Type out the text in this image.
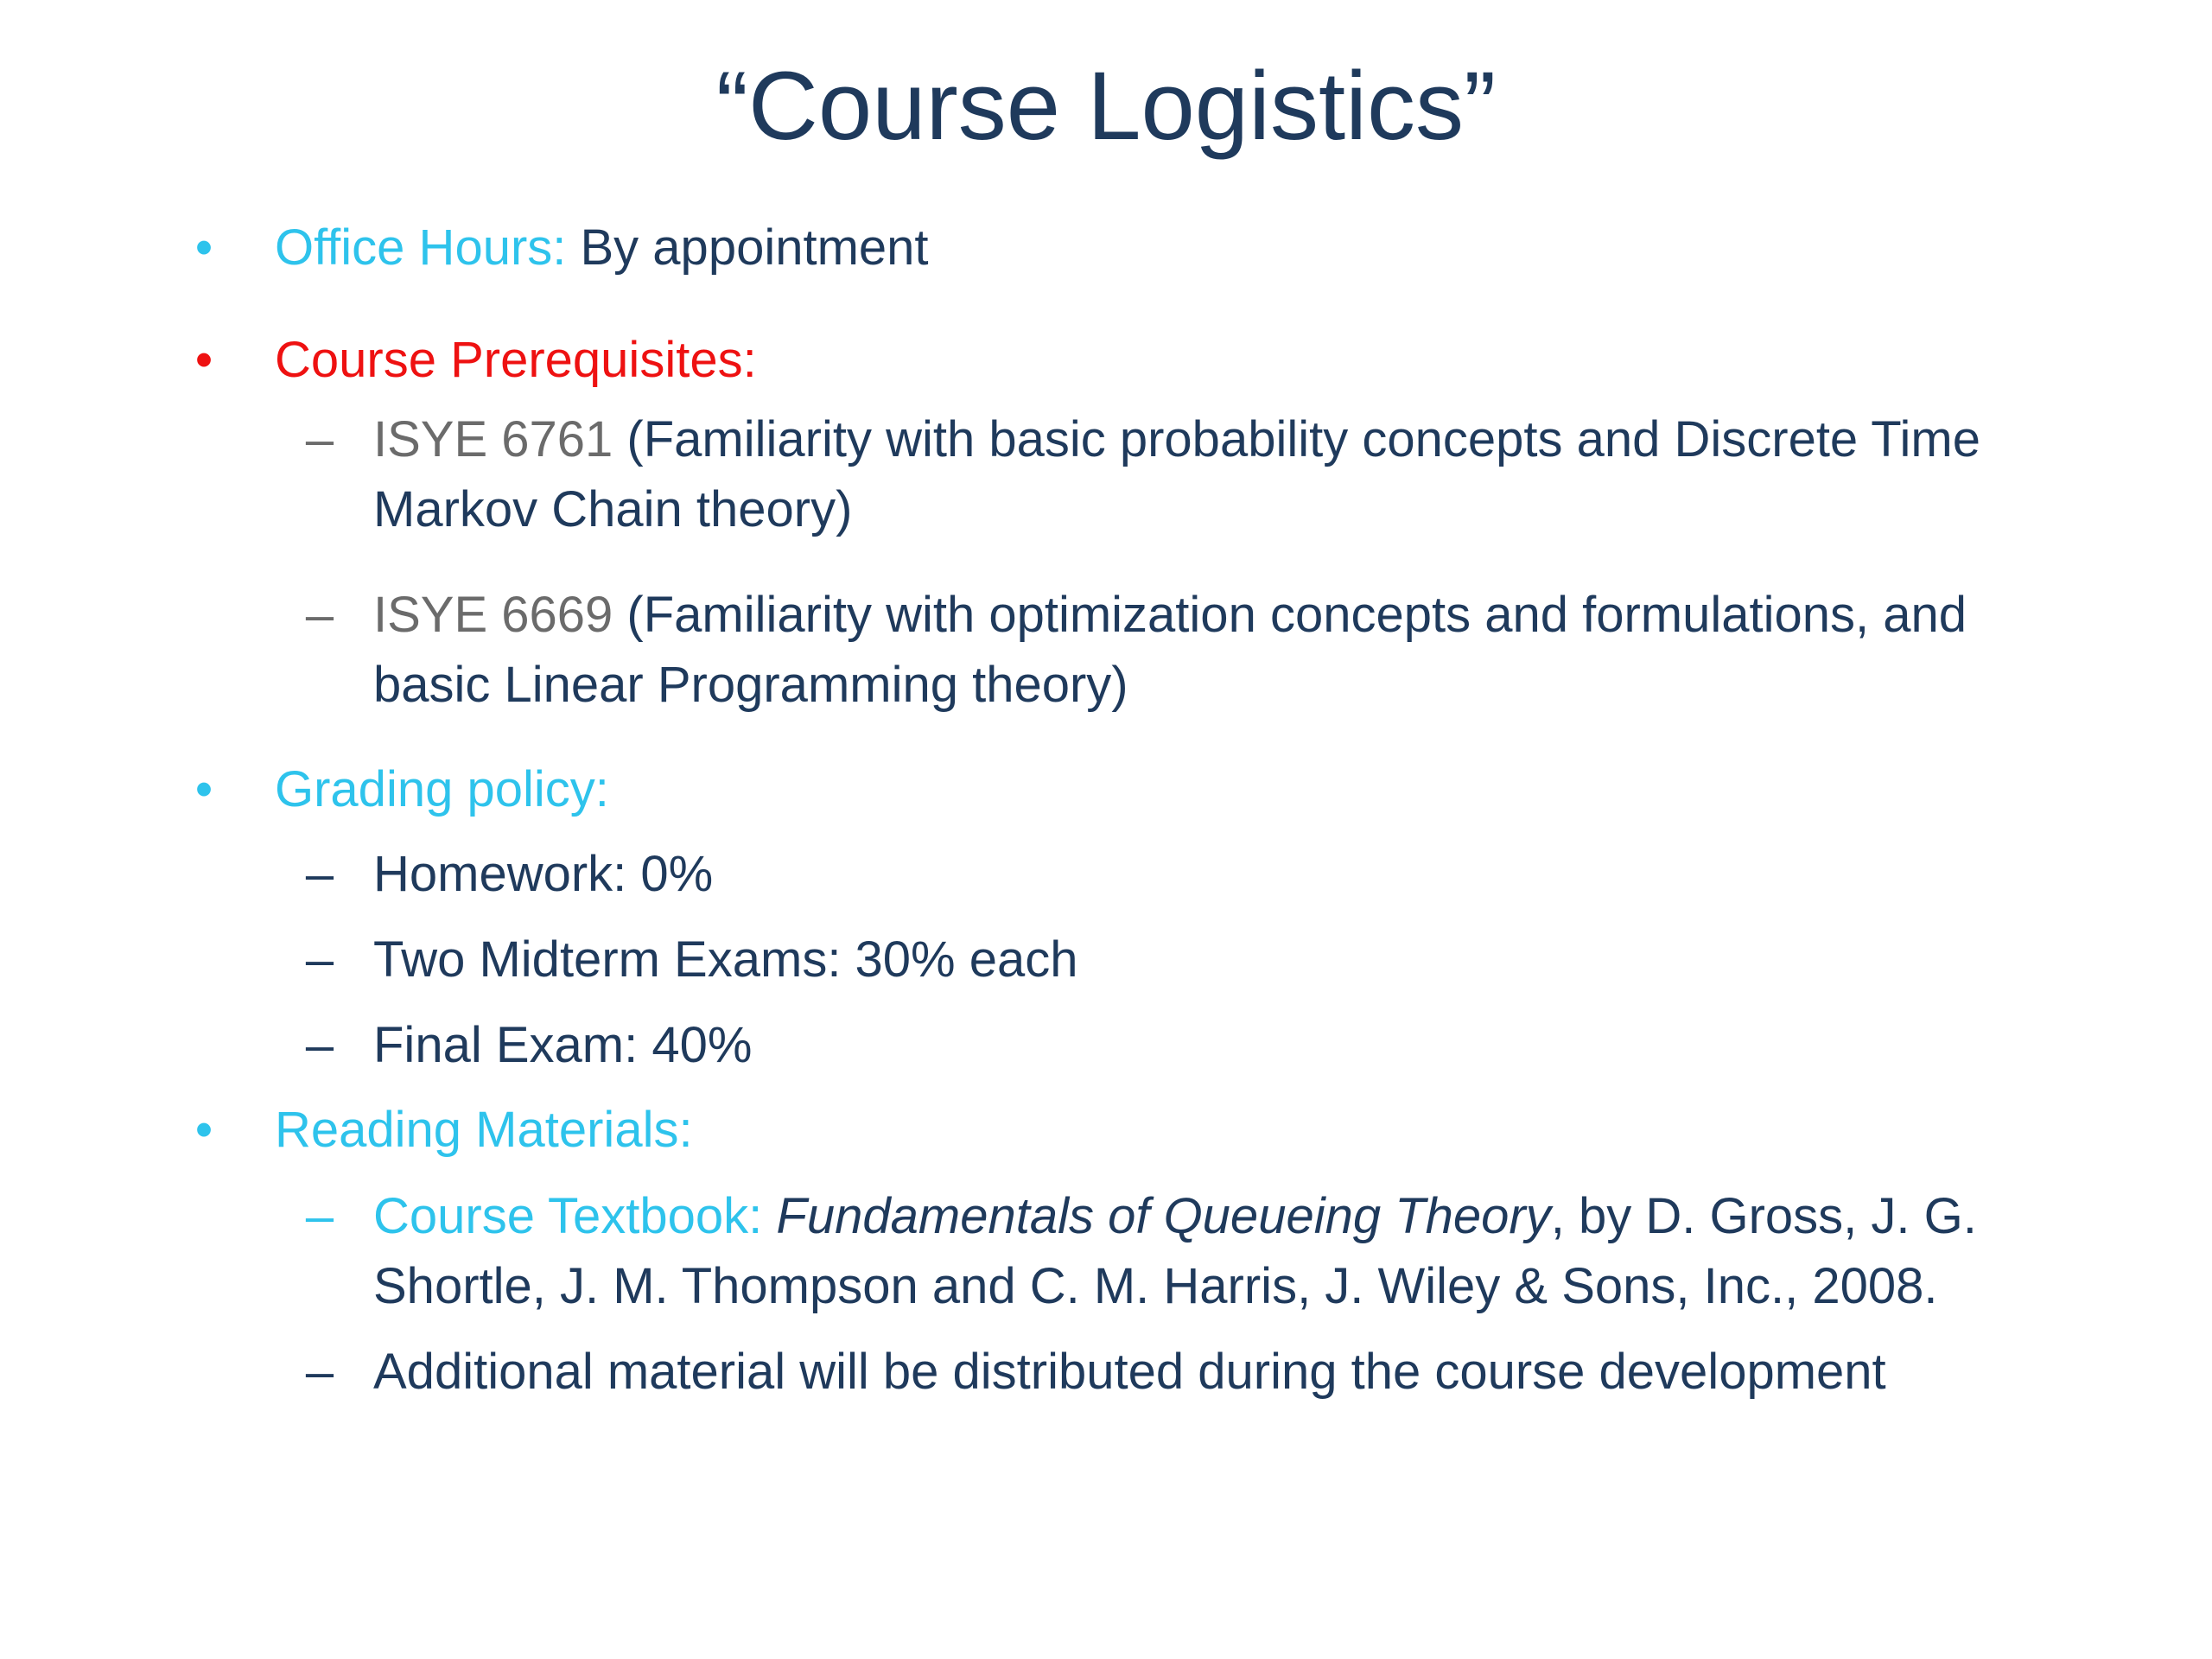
“Course Logistics”
• Office Hours: By appointment
• Course Prerequisites:
– ISYE 6761 (Familiarity with basic probability concepts and Discrete Time
Markov Chain theory)
– ISYE 6669 (Familiarity with optimization concepts and formulations, and
basic Linear Programming theory)
• Grading policy:
– Homework: 0%
– Two Midterm Exams: 30% each
– Final Exam: 40%
• Reading Materials:
– Course Textbook: Fundamentals of Queueing Theory, by D. Gross, J. G.
Shortle, J. M. Thompson and C. M. Harris, J. Wiley & Sons, Inc., 2008.
– Additional material will be distributed during the course development
